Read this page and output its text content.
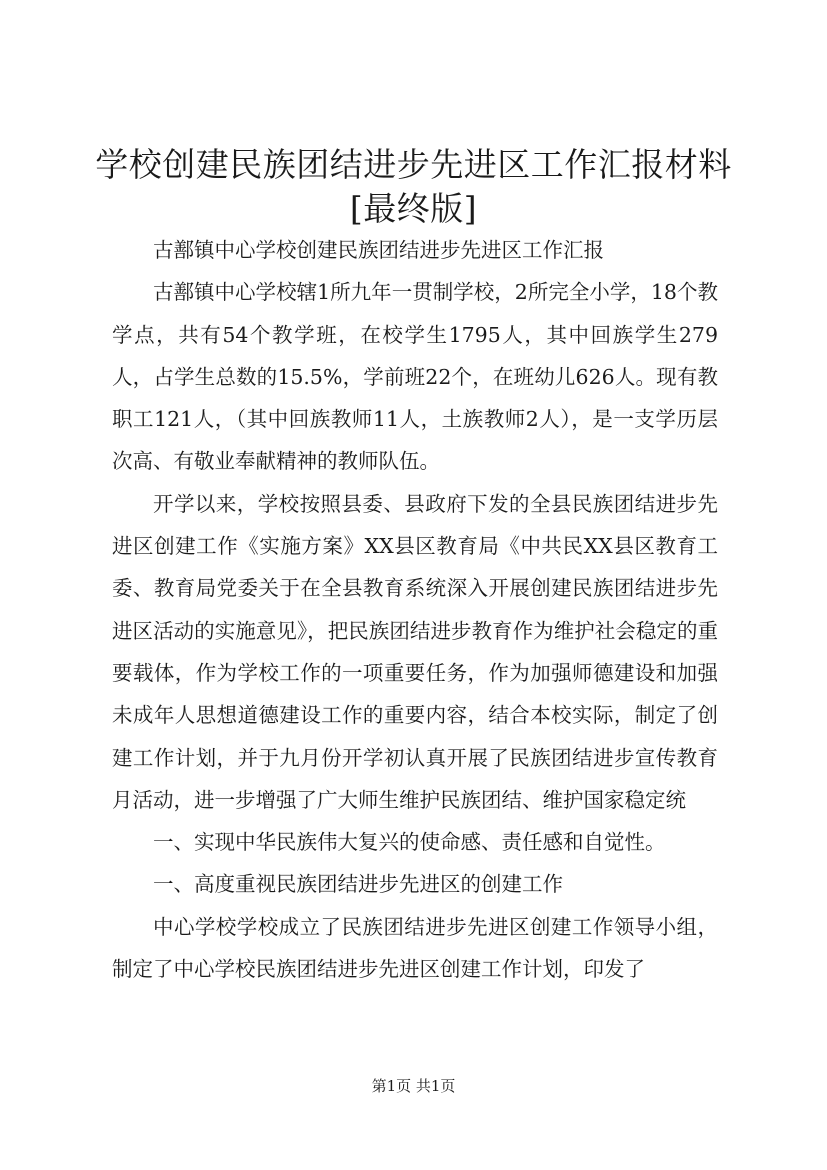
学校创建民族团结进步先进区工作汇报材料
[最终版]

古鄯镇中心学校创建民族团结进步先进区工作汇报

古鄯镇中心学校辖1所九年一贯制学校，2所完全小学，18个教学点，共有54个教学班，在校学生1795人，其中回族学生279人，占学生总数的15.5%，学前班22个，在班幼儿626人。现有教职工121人，（其中回族教师11人，土族教师2人），是一支学历层次高、有敬业奉献精神的教师队伍。

开学以来，学校按照县委、县政府下发的全县民族团结进步先进区创建工作《实施方案》XX县区教育局《中共民XX县区教育工委、教育局党委关于在全县教育系统深入开展创建民族团结进步先进区活动的实施意见》，把民族团结进步教育作为维护社会稳定的重要载体，作为学校工作的一项重要任务，作为加强师德建设和加强未成年人思想道德建设工作的重要内容，结合本校实际，制定了创建工作计划，并于九月份开学初认真开展了民族团结进步宣传教育月活动，进一步增强了广大师生维护民族团结、维护国家稳定统

一、实现中华民族伟大复兴的使命感、责任感和自觉性。

一、高度重视民族团结进步先进区的创建工作

中心学校学校成立了民族团结进步先进区创建工作领导小组，制定了中心学校民族团结进步先进区创建工作计划，印发了

第1页 共1页
